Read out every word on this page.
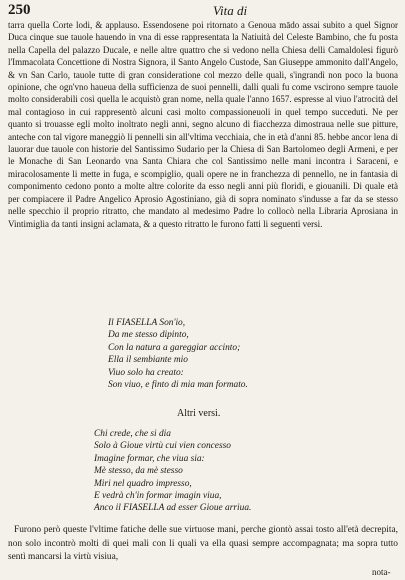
250	Vita di

tarra quella Corte lodi, & applauso. Essendosene poi ritornato a Genoua mādo assai subito a quel Signor Duca cinque sue tauole hauendo in vna di esse rappresentata la Natiuità del Celeste Bambino, che fu posta nella Capella del palazzo Ducale, e nelle altre quattro che si vedono nella Chiesa delli Camaldolesi figurò l'Immacolata Concettione di Nostra Signora, il Santo Angelo Custode, San Giuseppe ammonito dall'Angelo, & vn San Carlo, tauole tutte di gran consideratione col mezzo delle quali, s'ingrandì non poco la buona opinione, che ogn'vno haueua della sufficienza de suoi pennelli, dalli quali fu come vscirono sempre tauole molto considerabili così quella le acquistò gran nome, nella quale l'anno 1657. espresse al viuo l'atrocità del mal contagioso in cui rappresentò alcuni casi molto compassioneuoli in quel tempo succeduti. Ne per quanto si trouasse egli molto inoltrato negli anni, segno alcuno di fiacchezza dimostraua nelle sue pitture, anteche con tal vigore maneggiò li pennelli sin all'vltima vecchiaia, che in età d'anni 85. hebbe ancor lena di lauorar due tauole con historie del Santissimo Sudario per la Chiesa di San Bartolomeo degli Armeni, e per le Monache di San Leonardo vna Santa Chiara che col Santissimo nelle mani incontra i Saraceni, e miracolosamente li mette in fuga, e scompiglio, quali opere ne in franchezza di pennello, ne in fantasia di componimento cedono ponto a molte altre colorite da esso negli anni più floridi, e giouanili. Di quale età per compiacere il Padre Angelico Aprosio Agostiniano, già di sopra nominato s'indusse a far da se stesso nelle specchio il proprio ritratto, che mandato al medesimo Padre lo collocò nella Libraria Aprosiana in Vintimiglia da tanti insigni aclamata, & a questo ritratto le furono fatti li seguenti versi.

Il FIASELLA Son'io,
Da me stesso dipinto,
Con la natura a gareggiar accinto;
Ella il sembiante mio
Viuo solo ha creato:
Son viuo, e finto di mia man formato.
Altri versi.
Chi crede, che si dia
Solo à Gioue virtù cui vien concesso
Imagine formar, che viua sia:
Mè stesso, da mè stesso
Miri nel quadro impresso,
E vedrà ch'in formar imagin viua,
Anco il FIASELLA ad esser Gioue arriua.

Furono però queste l'vltime fatiche delle sue virtuose mani, perche giontò assai tosto all'età decrepita, non solo incontrò molti di quei mali con li quali va ella quasi sempre accompagnata; ma sopra tutto sentì mancarsi la virtù visiua,

nota-
